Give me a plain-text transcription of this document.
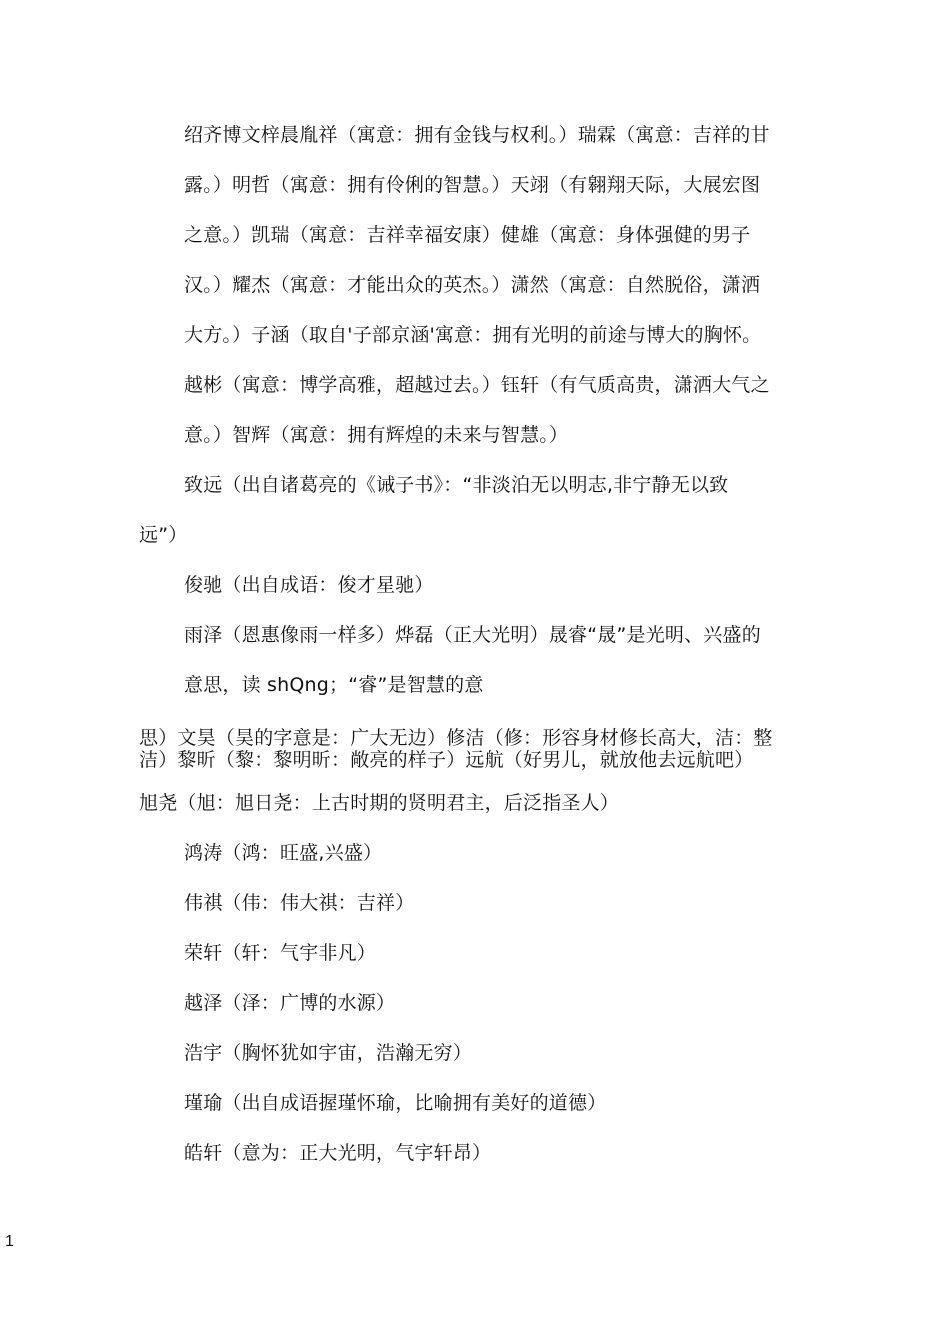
绍齐博文梓晨胤祥（寓意：拥有金钱与权利。）瑞霖（寓意：吉祥的甘
露。）明哲（寓意：拥有伶俐的智慧。）天翊（有翱翔天际，大展宏图
之意。）凯瑞（寓意：吉祥幸福安康）健雄（寓意：身体强健的男子
汉。）耀杰（寓意：才能出众的英杰。）潇然（寓意：自然脱俗，潇洒
大方。）子涵（取自'子部京涵'寓意：拥有光明的前途与博大的胸怀。
越彬（寓意：博学高雅，超越过去。）钰轩（有气质高贵，潇洒大气之
意。）智辉（寓意：拥有辉煌的未来与智慧。）
致远（出自诸葛亮的《诫子书》：“非淡泊无以明志,非宁静无以致
远”）
俊驰（出自成语：俊才星驰）
雨泽（恩惠像雨一样多）烨磊（正大光明）晟睿“晟”是光明、兴盛的
意思，读 shQng；“睿”是智慧的意
思）文昊（昊的字意是：广大无边）修洁（修：形容身材修长高大，洁：整
洁）黎昕（黎：黎明昕：敞亮的样子）远航（好男儿，就放他去远航吧）
旭尧（旭：旭日尧：上古时期的贤明君主，后泛指圣人）
鸿涛（鸿：旺盛,兴盛）
伟祺（伟：伟大祺：吉祥）
荣轩（轩：气宇非凡）
越泽（泽：广博的水源）
浩宇（胸怀犹如宇宙，浩瀚无穷）
瑾瑜（出自成语握瑾怀瑜，比喻拥有美好的道德）
皓轩（意为：正大光明，气宇轩昂）
1
